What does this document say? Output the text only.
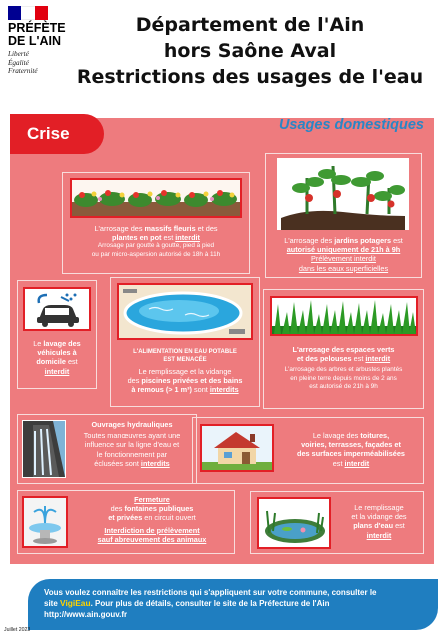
PRÉFÈTE
DE L'AIN
Liberté
Égalité
Fraternité
Département de l'Ain
hors Saône Aval
Restrictions des usages de l'eau
Crise	Usages domestiques
L'arrosage des massifs fleuris et des
plantes en pot est interdit
Arrosage par goutte à goutte, pied à pied
ou par micro-aspersion autorisé de 18h à 11h
L'arrosage des jardins potagers est
autorisé uniquement de 21h à 9h
Prélèvement interdit
dans les eaux superficielles
Le lavage des
véhicules à
domicile est
interdit
L'ALIMENTATION EN EAU POTABLE
EST MENACÉE
Le remplissage et la vidange
des piscines privées et des bains
à remous (> 1 m³) sont interdits
L'arrosage des espaces verts
et des pelouses est interdit
L'arrosage des arbres et arbustes plantés
en pleine terre depuis moins de 2 ans
est autorisé de 21h à 9h
Ouvrages hydrauliques
Toutes manœuvres ayant une
influence sur la ligne d'eau et
le fonctionnement par
éclusées sont interdits
Le lavage des toitures,
voiries, terrasses, façades et
des surfaces imperméabilisées
est interdit
Fermeture
des fontaines publiques
et privées en circuit ouvert
Interdiction de prélèvement
sauf abreuvement des animaux
Le remplissage
et la vidange des
plans d'eau est
interdit
Vous voulez connaître les restrictions qui s'appliquent sur votre commune, consulter le
site VigiEau. Pour plus de détails, consulter le site de la Préfecture de l'Ain
http://www.ain.gouv.fr
Juillet 2023
